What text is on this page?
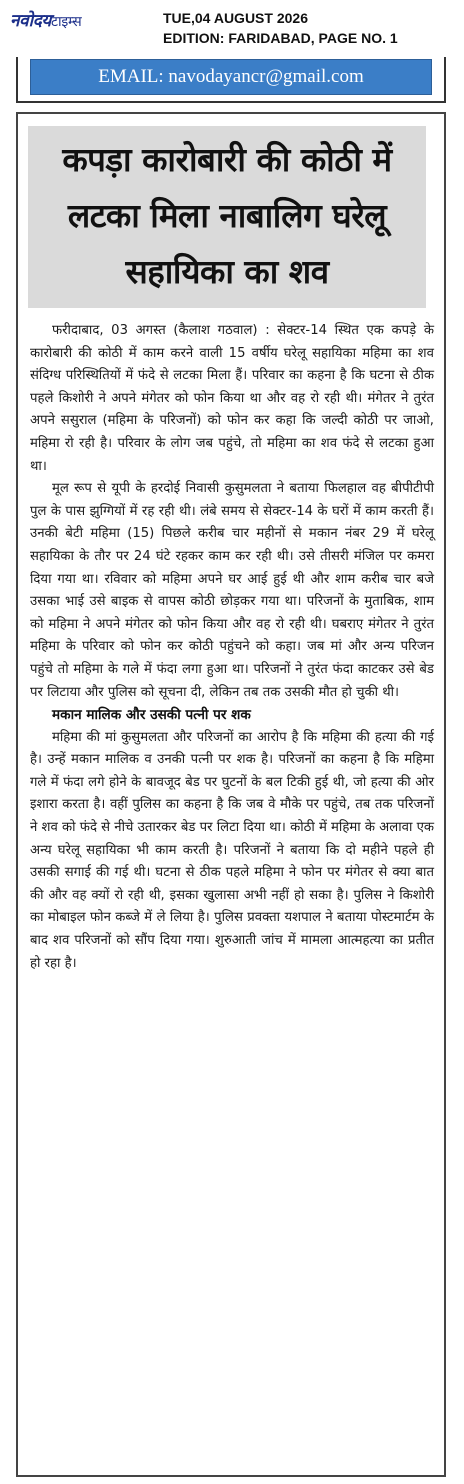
नवोदयटाइम्स	TUE,04 AUGUST 2026
EDITION: FARIDABAD, PAGE NO. 1
EMAIL: navodayancr@gmail.com
कपड़ा कारोबारी की कोठी में लटका मिला नाबालिग घरेलू सहायिका का शव

फरीदाबाद, 03 अगस्त (कैलाश गठवाल) : सेक्टर-14 स्थित एक कपड़े के कारोबारी की कोठी में काम करने वाली 15 वर्षीय घरेलू सहायिका महिमा का शव संदिग्ध परिस्थितियों में फंदे से लटका मिला हैं। परिवार का कहना है कि घटना से ठीक पहले किशोरी ने अपने मंगेतर को फोन किया था और वह रो रही थी। मंगेतर ने तुरंत अपने ससुराल (महिमा के परिजनों) को फोन कर कहा कि जल्दी कोठी पर जाओ, महिमा रो रही है। परिवार के लोग जब पहुंचे, तो महिमा का शव फंदे से लटका हुआ था।

मूल रूप से यूपी के हरदोई निवासी कुसुमलता ने बताया फिलहाल वह बीपीटीपी पुल के पास झुग्गियों में रह रही थी। लंबे समय से सेक्टर-14 के घरों में काम करती हैं। उनकी बेटी महिमा (15) पिछले करीब चार महीनों से मकान नंबर 29 में घरेलू सहायिका के तौर पर 24 घंटे रहकर काम कर रही थी। उसे तीसरी मंजिल पर कमरा दिया गया था। रविवार को महिमा अपने घर आई हुई थी और शाम करीब चार बजे उसका भाई उसे बाइक से वापस कोठी छोड़कर गया था। परिजनों के मुताबिक, शाम को महिमा ने अपने मंगेतर को फोन किया और वह रो रही थी। घबराए मंगेतर ने तुरंत महिमा के परिवार को फोन कर कोठी पहुंचने को कहा। जब मां और अन्य परिजन पहुंचे तो महिमा के गले में फंदा लगा हुआ था। परिजनों ने तुरंत फंदा काटकर उसे बेड पर लिटाया और पुलिस को सूचना दी, लेकिन तब तक उसकी मौत हो चुकी थी।

मकान मालिक और उसकी पत्नी पर शक

महिमा की मां कुसुमलता और परिजनों का आरोप है कि महिमा की हत्या की गई है। उन्हें मकान मालिक व उनकी पत्नी पर शक है। परिजनों का कहना है कि महिमा गले में फंदा लगे होने के बावजूद बेड पर घुटनों के बल टिकी हुई थी, जो हत्या की ओर इशारा करता है। वहीं पुलिस का कहना है कि जब वे मौके पर पहुंचे, तब तक परिजनों ने शव को फंदे से नीचे उतारकर बेड पर लिटा दिया था। कोठी में महिमा के अलावा एक अन्य घरेलू सहायिका भी काम करती है। परिजनों ने बताया कि दो महीने पहले ही उसकी सगाई की गई थी। घटना से ठीक पहले महिमा ने फोन पर मंगेतर से क्या बात की और वह क्यों रो रही थी, इसका खुलासा अभी नहीं हो सका है। पुलिस ने किशोरी का मोबाइल फोन कब्जे में ले लिया है। पुलिस प्रवक्ता यशपाल ने बताया पोस्टमार्टम के बाद शव परिजनों को सौंप दिया गया। शुरुआती जांच में मामला आत्महत्या का प्रतीत हो रहा है।
